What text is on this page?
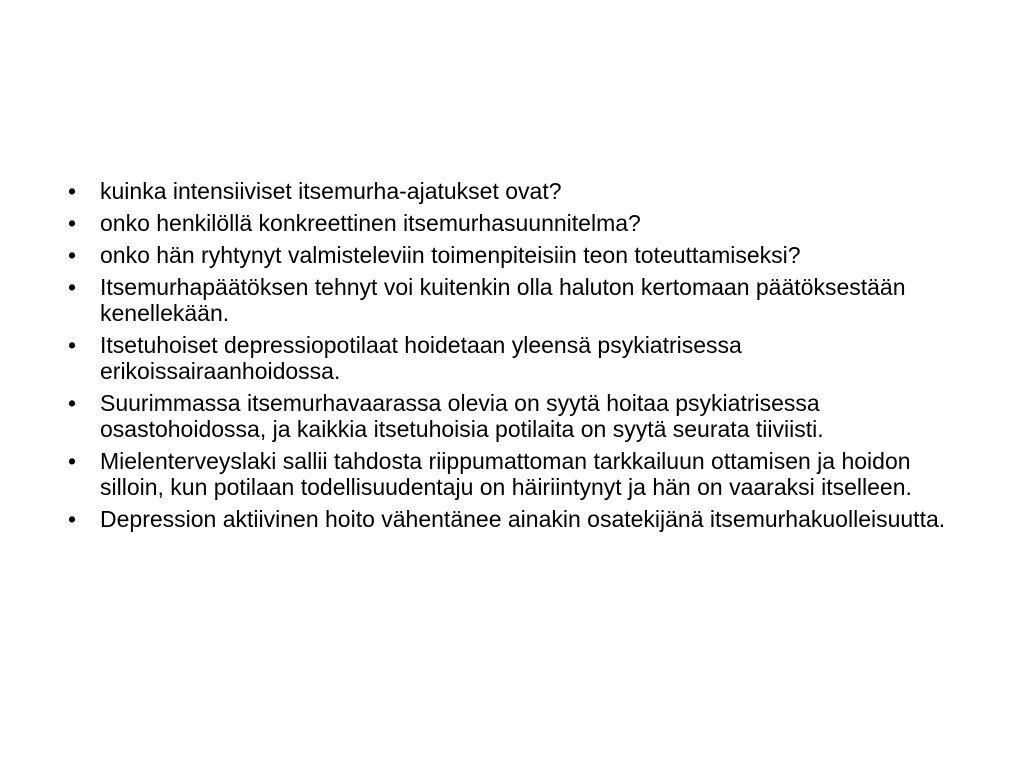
•	kuinka intensiiviset itsemurha-ajatukset ovat?
•	onko henkilöllä konkreettinen itsemurhasuunnitelma?
•	onko hän ryhtynyt valmisteleviin toimenpiteisiin teon toteuttamiseksi?
•	Itsemurhapäätöksen tehnyt voi kuitenkin olla haluton kertomaan päätöksestään kenellekään.
•	Itsetuhoiset depressiopotilaat hoidetaan yleensä psykiatrisessa erikoissairaanhoidossa.
•	Suurimmassa itsemurhavaarassa olevia on syytä hoitaa psykiatrisessa osastohoidossa, ja kaikkia itsetuhoisia potilaita on syytä seurata tiiviisti.
•	Mielenterveyslaki sallii tahdosta riippumattoman tarkkailuun ottamisen ja hoidon silloin, kun potilaan todellisuudentaju on häiriintynyt ja hän on vaaraksi itselleen.
•	Depression aktiivinen hoito vähentänee ainakin osatekijänä itsemurhakuolleisuutta.
